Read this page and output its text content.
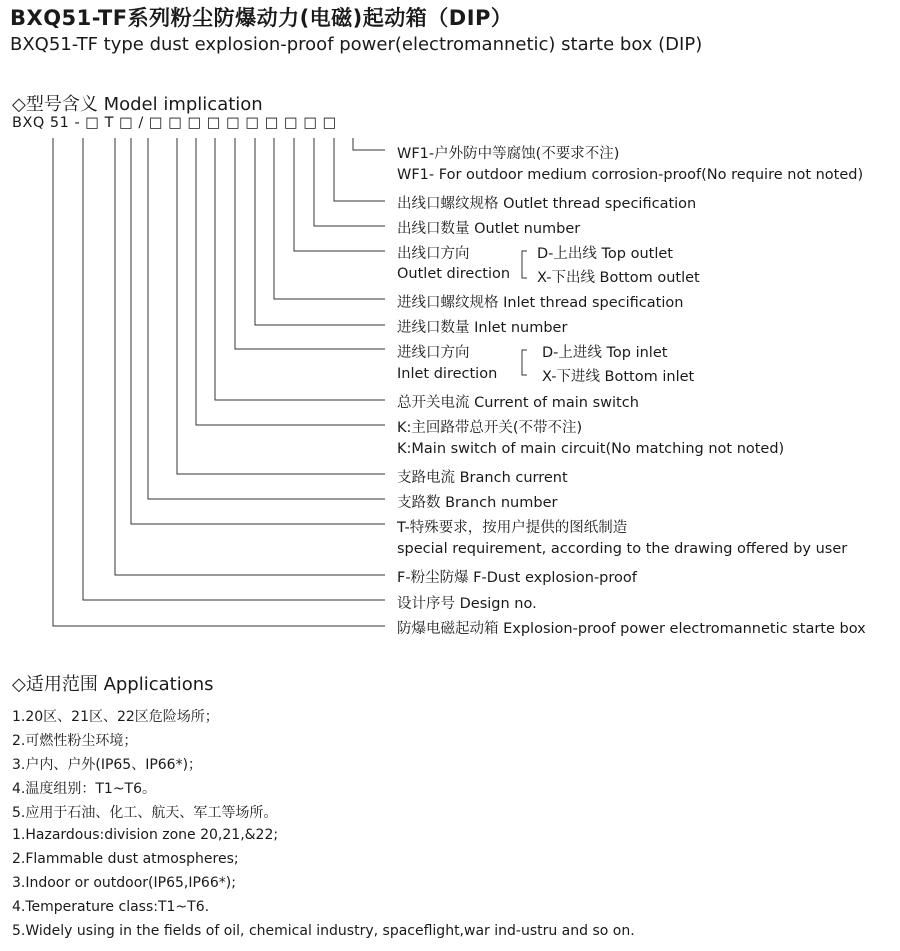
BXQ51-TF系列粉尘防爆动力(电磁)起动箱（DIP）
BXQ51-TF type dust explosion-proof power(electromannetic) starte box (DIP)
◇型号含义 Model implication
BXQ 51 - □ T □ / □ □ □ □ □ □ □ □ □ □
WF1-户外防中等腐蚀(不要求不注)
WF1- For outdoor medium corrosion-proof(No require not noted)
出线口螺纹规格 Outlet thread specification
出线口数量 Outlet number
出线口方向
Outlet direction
D-上出线 Top outlet
X-下出线 Bottom outlet
进线口螺纹规格 Inlet thread specification
进线口数量 Inlet number
进线口方向
Inlet direction
D-上进线 Top inlet
X-下进线 Bottom inlet
总开关电流 Current of main switch
K:主回路带总开关(不带不注)
K:Main switch of main circuit(No matching not noted)
支路电流 Branch current
支路数 Branch number
T-特殊要求，按用户提供的图纸制造
special requirement, according to the drawing offered by user
F-粉尘防爆 F-Dust explosion-proof
设计序号 Design no.
防爆电磁起动箱 Explosion-proof power electromannetic starte box
◇适用范围 Applications
1.20区、21区、22区危险场所；
2.可燃性粉尘环境；
3.户内、户外(IP65、IP66*)；
4.温度组别：T1~T6。
5.应用于石油、化工、航天、军工等场所。
1.Hazardous:division zone 20,21,&22;
2.Flammable dust atmospheres;
3.Indoor or outdoor(IP65,IP66*);
4.Temperature class:T1~T6.
5.Widely using in the fields of oil, chemical industry, spaceflight,war ind-ustru and so on.
